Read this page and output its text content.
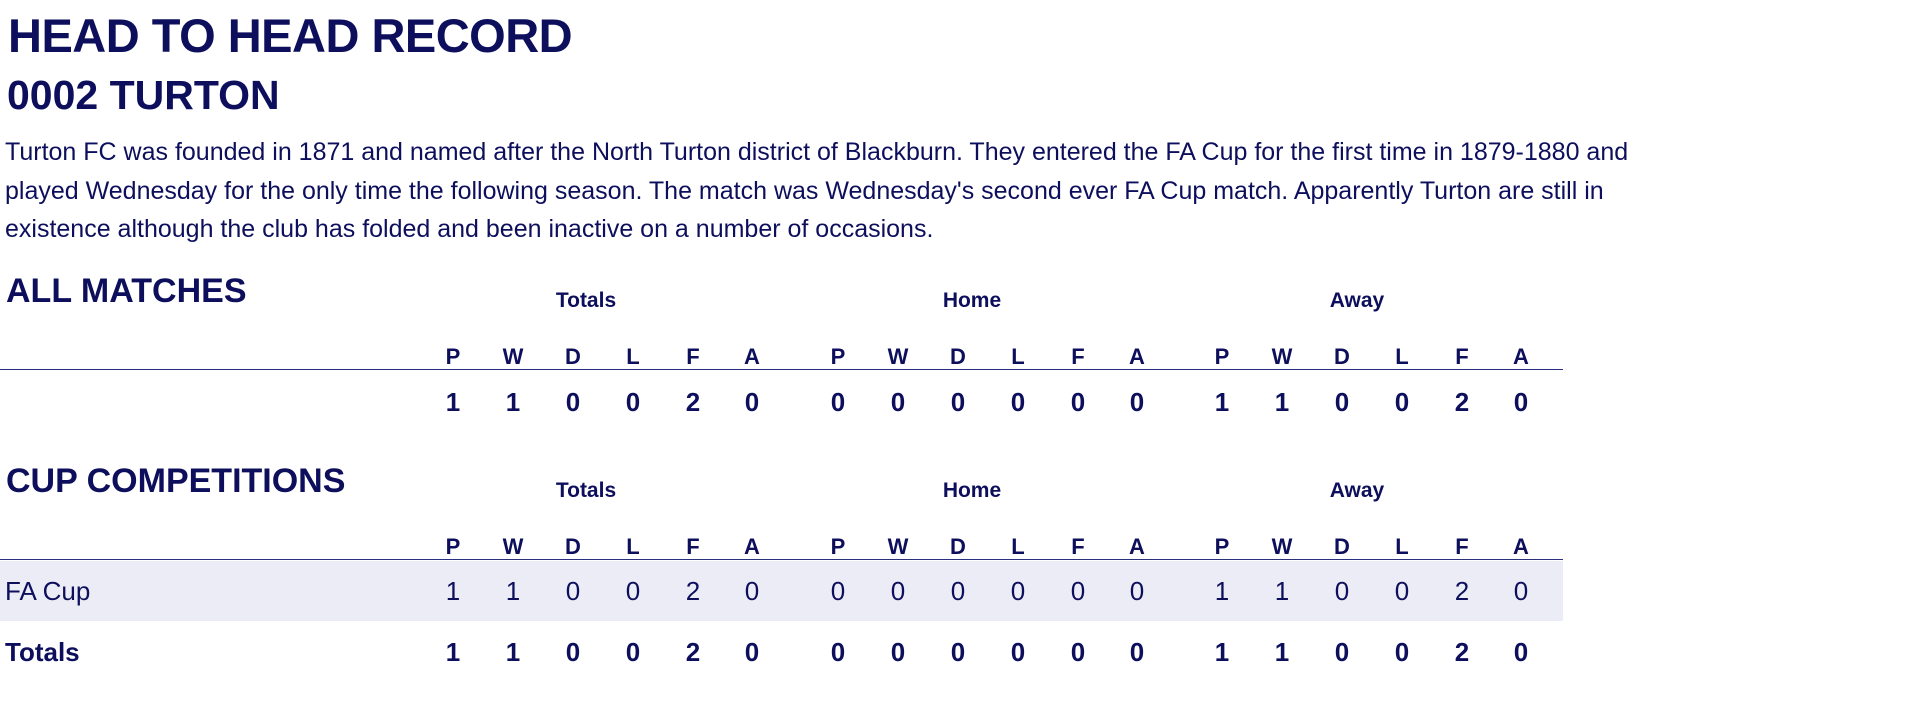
HEAD TO HEAD RECORD
0002 TURTON

Turton FC was founded in 1871 and named after the North Turton district of Blackburn. They entered the FA Cup for the first time in 1879-1880 and played Wednesday for the only time the following season. The match was Wednesday's second ever FA Cup match. Apparently Turton are still in existence although the club has folded and been inactive on a number of occasions.

ALL MATCHES	Totals	Home	Away
P	W	D	L	F	A	P	W	D	L	F	A	P	W	D	L	F	A
1	1	0	0	2	0	0	0	0	0	0	0	1	1	0	0	2	0
CUP COMPETITIONS	Totals	Home	Away
P	W	D	L	F	A	P	W	D	L	F	A	P	W	D	L	F	A
FA Cup	1	1	0	0	2	0	0	0	0	0	0	0	1	1	0	0	2	0
Totals	1	1	0	0	2	0	0	0	0	0	0	0	1	1	0	0	2	0
